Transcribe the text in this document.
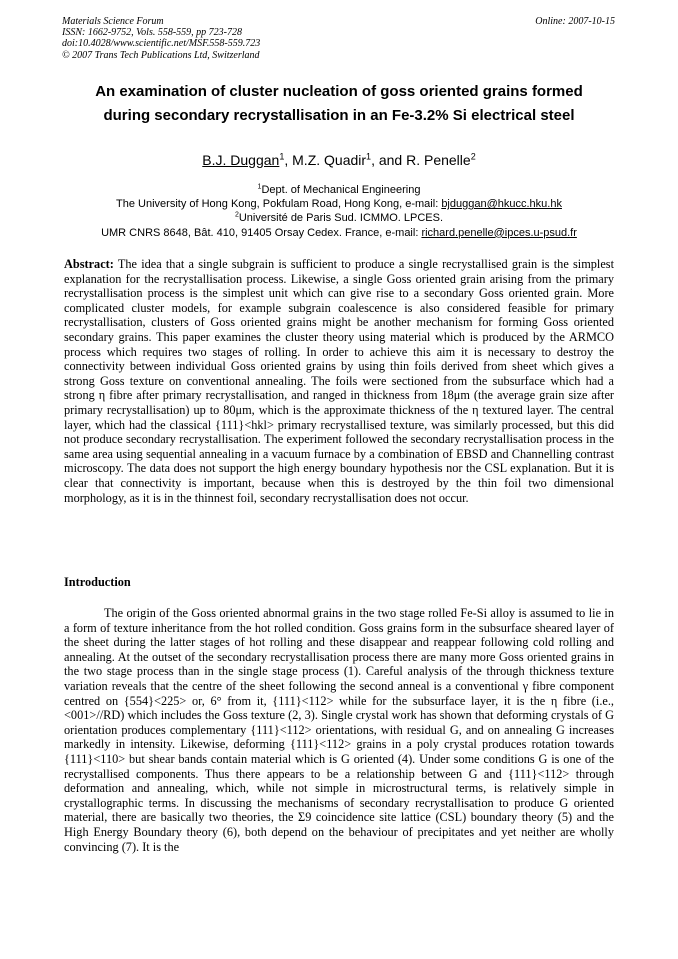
Materials Science Forum
ISSN: 1662-9752, Vols. 558-559, pp 723-728
doi:10.4028/www.scientific.net/MSF.558-559.723
© 2007 Trans Tech Publications Ltd, Switzerland
Online: 2007-10-15
An examination of cluster nucleation of goss oriented grains formed
during secondary recrystallisation in an Fe-3.2% Si electrical steel
B.J. Duggan$^1$, M.Z. Quadir$^1$, and R. Penelle$^2$
$^1$Dept. of Mechanical Engineering
The University of Hong Kong, Pokfulam Road, Hong Kong, e-mail: bjduggan@hkucc.hku.hk
$^2$Université de Paris Sud. ICMMO. LPCES.
UMR CNRS 8648, Bât. 410, 91405 Orsay Cedex. France, e-mail: richard.penelle@ipces.u-psud.fr
Abstract: The idea that a single subgrain is sufficient to produce a single recrystallised grain is the simplest explanation for the recrystallisation process. Likewise, a single Goss oriented grain arising from the primary recrystallisation process is the simplest unit which can give rise to a secondary Goss oriented grain. More complicated cluster models, for example subgrain coalescence is also considered feasible for primary recrystallisation, clusters of Goss oriented grains might be another mechanism for forming Goss oriented secondary grains. This paper examines the cluster theory using material which is produced by the ARMCO process which requires two stages of rolling. In order to achieve this aim it is necessary to destroy the connectivity between individual Goss oriented grains by using thin foils derived from sheet which gives a strong Goss texture on conventional annealing. The foils were sectioned from the subsurface which had a strong η fibre after primary recrystallisation, and ranged in thickness from 18μm (the average grain size after primary recrystallisation) up to 80μm, which is the approximate thickness of the η textured layer. The central layer, which had the classical {111}<hkl> primary recrystallised texture, was similarly processed, but this did not produce secondary recrystallisation. The experiment followed the secondary recrystallisation process in the same area using sequential annealing in a vacuum furnace by a combination of EBSD and Channelling contrast microscopy. The data does not support the high energy boundary hypothesis nor the CSL explanation. But it is clear that connectivity is important, because when this is destroyed by the thin foil two dimensional morphology, as it is in the thinnest foil, secondary recrystallisation does not occur.
Introduction
The origin of the Goss oriented abnormal grains in the two stage rolled Fe-Si alloy is assumed to lie in a form of texture inheritance from the hot rolled condition. Goss grains form in the subsurface sheared layer of the sheet during the latter stages of hot rolling and these disappear and reappear following cold rolling and annealing. At the outset of the secondary recrystallisation process there are many more Goss oriented grains in the two stage process than in the single stage process (1). Careful analysis of the through thickness texture variation reveals that the centre of the sheet following the second anneal is a conventional γ fibre component centred on {554}<225> or, 6° from it, {111}<112> while for the subsurface layer, it is the η fibre (i.e., <001>//RD) which includes the Goss texture (2, 3). Single crystal work has shown that deforming crystals of G orientation produces complementary {111}<112> orientations, with residual G, and on annealing G increases markedly in intensity. Likewise, deforming {111}<112> grains in a poly crystal produces rotation towards {111}<110> but shear bands contain material which is G oriented (4). Under some conditions G is one of the recrystallised components. Thus there appears to be a relationship between G and {111}<112> through deformation and annealing, which, while not simple in microstructural terms, is relatively simple in crystallographic terms. In discussing the mechanisms of secondary recrystallisation to produce G oriented material, there are basically two theories, the Σ9 coincidence site lattice (CSL) boundary theory (5) and the High Energy Boundary theory (6), both depend on the behaviour of precipitates and yet neither are wholly convincing (7). It is the
